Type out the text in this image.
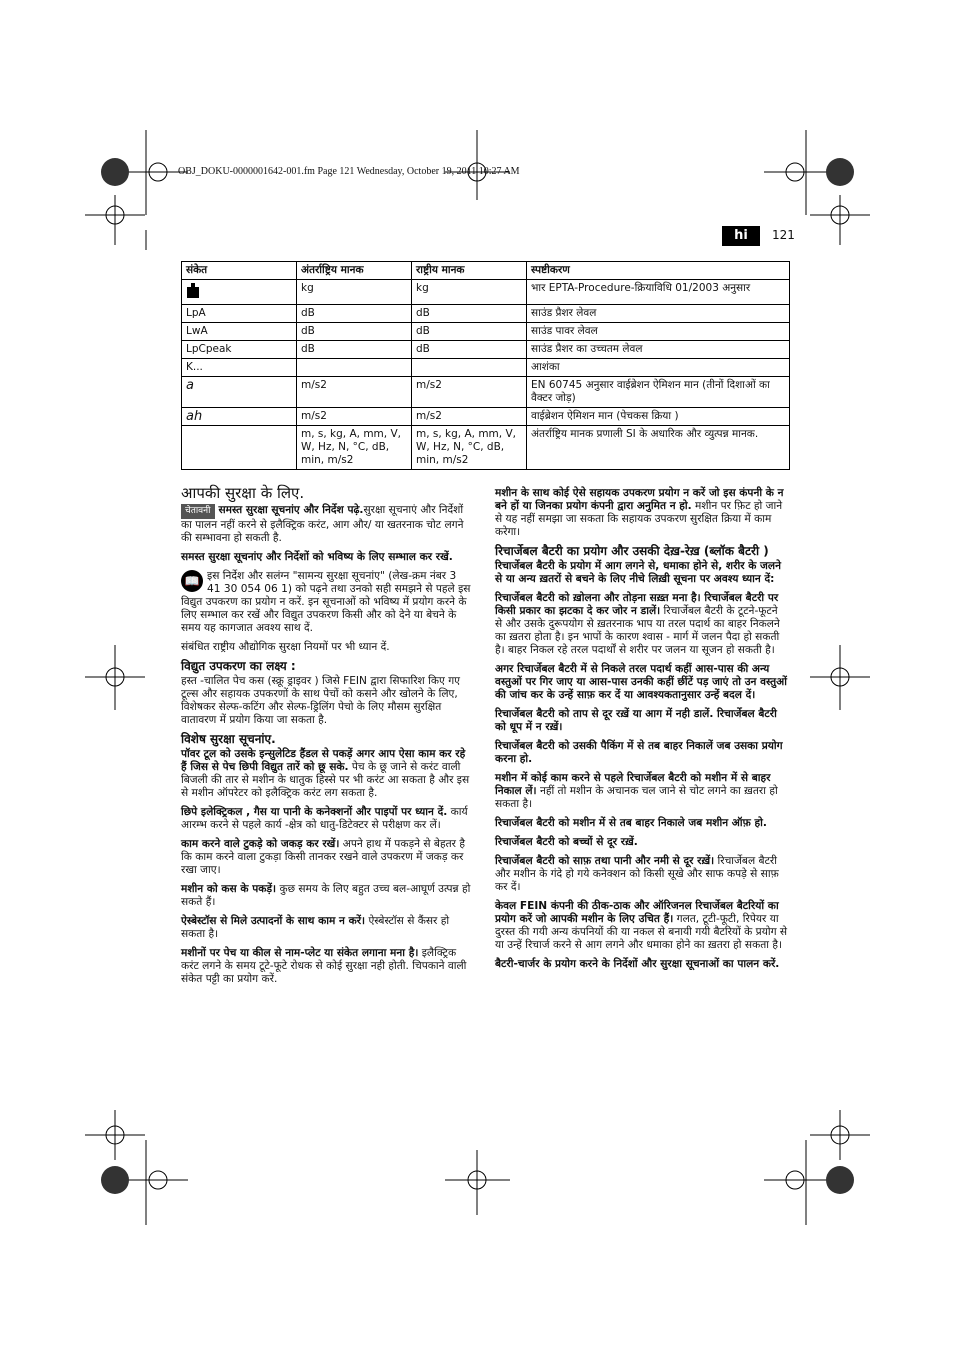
OBJ_DOKU-0000001642-001.fm Page 121 Wednesday, October 19, 2011 10:27 AM
hi	121
संकेत	अंतर्राष्ट्रिय मानक	राष्ट्रीय मानक	स्पष्टीकरण
	kg	kg	भार EPTA-Procedure-क्रियाविधि 01/2003 अनुसार
LpA	dB	dB	साउंड प्रैशर लेवल
LwA	dB	dB	साउंड पावर लेवल
LpCpeak	dB	dB	साउंड प्रैशर का उच्चतम लेवल
K...			आशंका
a	m/s2	m/s2	EN 60745 अनुसार वाईब्रेशन ऐमिशन मान (तीनों दिशाओं का वैक्टर जोड़)
ah	m/s2	m/s2	वाईब्रेशन ऐमिशन मान (पेचकस क्रिया )
	m, s, kg, A, mm, V, W, Hz, N, °C, dB, min, m/s2	m, s, kg, A, mm, V, W, Hz, N, °C, dB, min, m/s2	अंतर्राष्ट्रिय मानक प्रणाली SI के अधारिक और व्युत्पन्न मानक.
आपकी सुरक्षा के लिए.

चेतावनी समस्त सुरक्षा सूचनांए और निर्देश पढ़े.सुरक्षा सूचनाएं और निर्देशों का पालन नहीं करने से इलैक्ट्रिक करंट, आग और/ या खतरनाक चोट लगने की सम्भावना हो सकती है.

समस्त सुरक्षा सूचनांए और निर्देशों को भविष्य के लिए सम्भाल कर रखें.

📖 इस निर्देश और सलंग्न "सामन्य सुरक्षा सूचनांए" (लेख-क्रम नंबर 3 41 30 054 06 1) को पढ़ने तथा उनको सही समझने से पहले इस विद्युत उपकरण का प्रयोग न करें. इन सूचनाओं को भविष्य में प्रयोग करने के लिए सम्भाल कर रखें और विद्युत उपकरण किसी और को देने या बेचने के समय यह कागजात अवश्य साथ दें.

संबंधित राष्ट्रीय औद्योगिक सुरक्षा नियमों पर भी ध्यान दें.

विद्युत उपकरण का लक्ष्य :

हस्त -चालित पेच कस (स्क्रू ड्राइवर ) जिसे FEIN द्वारा सिफारिश किए गए टूल्स और सहायक उपकरणों के साथ पेचों को कसने और खोलने के लिए, विशेषकर सेल्फ-कटिंग और सेल्फ-ड्रिलिंग पेचो के लिए मौसम सुरक्षित वातावरण में प्रयोग किया जा सकता है.

विशेष सुरक्षा सूचनांए.

पॉवर टूल को उसके इन्सुलेटिड हैंडल से पकड़ें अगर आप ऐसा काम कर रहे हैं जिस से पेच छिपी विद्युत तारें को छू सके. पेच के छू जाने से करंट वाली बिजली की तार से मशीन के धातुक हिस्से पर भी करंट आ सकता है और इस से मशीन ऑपरेटर को इलैक्ट्रिक करंट लग सकता है.

छिपे इलेक्ट्रिकल , गैस या पानी के कनेक्शनों और पाइपों पर ध्यान दें. कार्य आरम्भ करने से पहले कार्य -क्षेत्र को धातु-डिटेक्टर से परीक्षण कर लें।

काम करने वाले टुकड़े को जकड़ कर रखें। अपने हाथ में पकड़ने से बेहतर है कि काम करने वाला टुकड़ा किसी तानकर रखने वाले उपकरण में जकड़ कर रखा जाए।

मशीन को कस के पकड़ें। कुछ समय के लिए बहुत उच्च बल-आघूर्ण उत्पन्न हो सकते हैं।

ऐस्बेस्टॉस से मिले उत्पादनों के साथ काम न करें। ऐस्बेस्टॉस से कैंसर हो सकता है।

मशीनों पर पेच या कील से नाम-प्लेट या संकेत लगाना मना है। इलैक्ट्रिक करंट लगने के समय टूटे-फूटे रोधक से कोई सुरक्षा नही होती. चिपकाने वाली संकेत पट्टी का प्रयोग करें.

मशीन के साथ कोई ऐसे सहायक उपकरण प्रयोग न करें जो इस कंपनी के न बने हों या जिनका प्रयोग कंपनी द्वारा अनुमित न हो. मशीन पर फ़िट हो जाने से यह नहीं समझा जा सकता कि सहायक उपकरण सुरक्षित क्रिया में काम करेगा।

रिचार्जेबल बैटरी का प्रयोग और उसकी देख़-रेख़ (ब्लॉक बैटरी )

रिचार्जेबल बैटरी के प्रयोग में आग लगने से, धमाका होने से, शरीर के जलने से या अन्य ख़तरों से बचने के लिए नीचे लिख़ी सूचना पर अवश्य ध्यान दें:

रिचार्जेबल बैटरी को ख़ोलना और तोड़ना सख़्त मना है। रिचार्जेबल बैटरी पर किसी प्रकार का झटका दे कर जोर न डालें। रिचार्जेबल बैटरी के टूटने-फूटने से और उसके दुरूपयोग से ख़तरनाक भाप या तरल पदार्थ का बाहर निकलने का ख़तरा होता है। इन भापों के कारण श्वास - मार्ग में जलन पैदा हो सकती है। बाहर निकल रहे तरल पदार्थों से शरीर पर जलन या सूजन हो सकती है।

अगर रिचार्जेबल बैटरी में से निकले तरल पदार्थ कहीं आस-पास की अन्य वस्तुओं पर गिर जाए या आस-पास उनकी कहीं छींटें पड़ जाएं तो उन वस्तुओं की जांच कर के उन्हें साफ़ कर दें या आवश्यकतानुसार उन्हें बदल दें।

रिचार्जेबल बैटरी को ताप से दूर रख़ें या आग में नही डालें. रिचार्जेबल बैटरी को धूप में न रख़ें।

रिचार्जेबल बैटरी को उसकी पैकिंग में से तब बाहर निकालें जब उसका प्रयोग करना हो.

मशीन में कोई काम करने से पहले रिचार्जेबल बैटरी को मशीन में से बाहर निकाल लें। नहीं तो मशीन के अचानक चल जाने से चोट लगने का ख़तरा हो सकता है।

रिचार्जेबल बैटरी को मशीन में से तब बाहर निकाले जब मशीन ऑफ़ हो.

रिचार्जेबल बैटरी को बच्चों से दूर रख़ें.

रिचार्जेबल बैटरी को साफ़ तथा पानी और नमी से दूर रख़ें। रिचार्जेबल बैटरी और मशीन के गंदे हो गये कनेक्शन को किसी सूखे और साफ कपड़े से साफ़ कर दें।

केवल FEIN कंपनी की ठीक-ठाक और ऑरिजनल रिचार्जेबल बैटरियों का प्रयोग करें जो आपकी मशीन के लिए उचित हैं। गलत, टूटी-फूटी, रिपेयर या दुरस्त की गयी अन्य कंपनियों की या नकल से बनायी गयी बैटरियों के प्रयोग से या उन्हें रिचार्ज करने से आग लगने और धमाका होने का ख़तरा हो सकता है।

बैटरी-चार्जर के प्रयोग करने के निर्देशों और सुरक्षा सूचनाओं का पालन करें.
